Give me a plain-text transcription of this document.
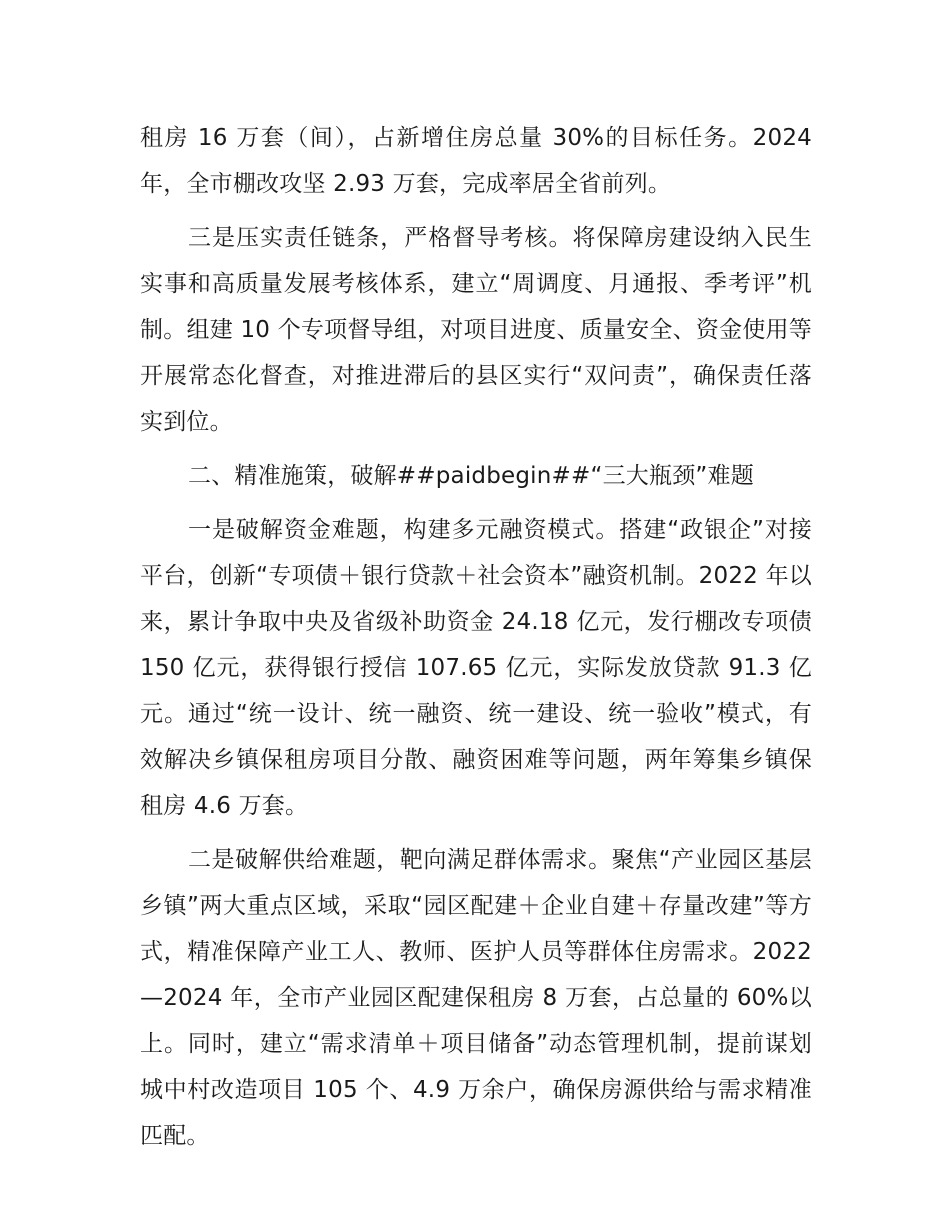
租房 16 万套（间），占新增住房总量 30%的目标任务。2024 年，全市棚改攻坚 2.93 万套，完成率居全省前列。

三是压实责任链条，严格督导考核。将保障房建设纳入民生实事和高质量发展考核体系，建立“周调度、月通报、季考评”机制。组建 10 个专项督导组，对项目进度、质量安全、资金使用等开展常态化督查，对推进滞后的县区实行“双问责”，确保责任落实到位。

二、精准施策，破解##paidbegin##“三大瓶颈”难题

一是破解资金难题，构建多元融资模式。搭建“政银企”对接平台，创新“专项债＋银行贷款＋社会资本”融资机制。2022 年以来，累计争取中央及省级补助资金 24.18 亿元，发行棚改专项债 150 亿元，获得银行授信 107.65 亿元，实际发放贷款 91.3 亿元。通过“统一设计、统一融资、统一建设、统一验收”模式，有效解决乡镇保租房项目分散、融资困难等问题，两年筹集乡镇保租房 4.6 万套。

二是破解供给难题，靶向满足群体需求。聚焦“产业园区基层乡镇”两大重点区域，采取“园区配建＋企业自建＋存量改建”等方式，精准保障产业工人、教师、医护人员等群体住房需求。2022—2024 年，全市产业园区配建保租房 8 万套，占总量的 60%以上。同时，建立“需求清单＋项目储备”动态管理机制，提前谋划城中村改造项目 105 个、4.9 万余户，确保房源供给与需求精准匹配。
